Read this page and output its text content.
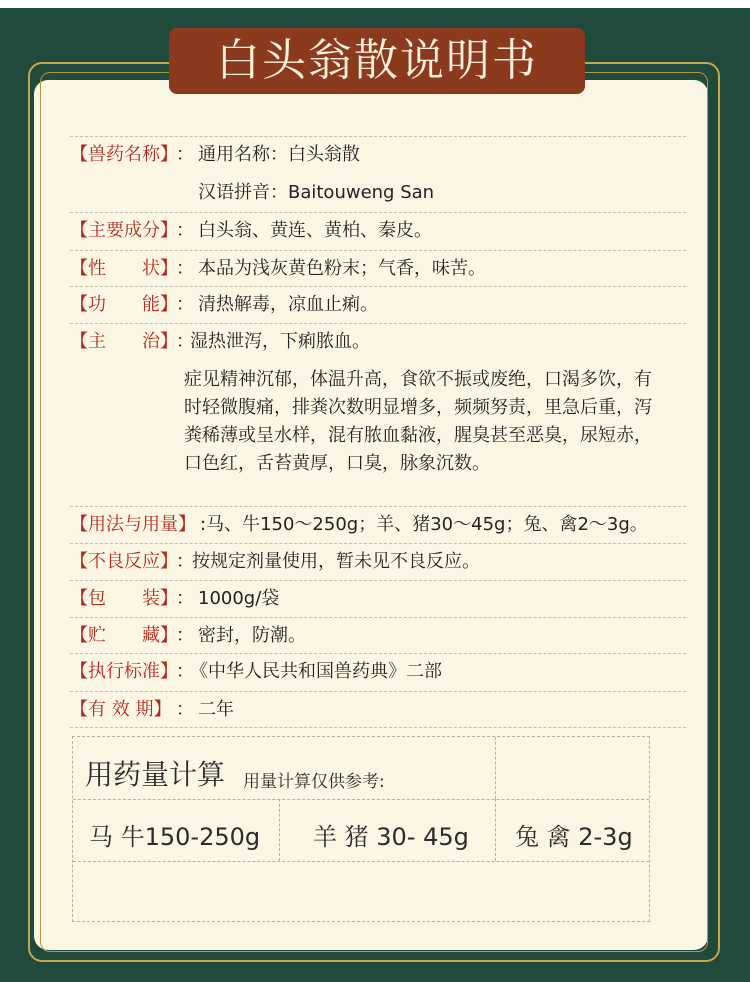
白头翁散说明书
【兽药名称】
： 通用名称：白头翁散
汉语拼音：Baitouweng San
【主要成分】
： 白头翁、黄连、黄柏、秦皮。
【性　　状】
： 本品为浅灰黄色粉末；气香，味苦。
【功　　能】
： 清热解毒，凉血止痢。
【主　　治】
：
湿热泄泻，下痢脓血。
症见精神沉郁，体温升高，食欲不振或废绝，口渴多饮，有
时轻微腹痛，排粪次数明显增多，频频努责，里急后重，泻
粪稀薄或呈水样，混有脓血黏液，腥臭甚至恶臭，尿短赤，
口色红，舌苔黄厚，口臭，脉象沉数。
【用法与用量】 :马、牛150～250g；羊、猪30～45g；兔、禽2～3g。
【不良反应】
：
按规定剂量使用，暂未见不良反应。
【包　　装】
： 1000g/袋
【贮　　藏】
： 密封，防潮。
【执行标准】
：
《中华人民共和国兽药典》二部
【有 效 期】 ： 二年
用药量计算 用量计算仅供参考:
马 牛150-250g 羊 猪 30- 45g 兔 禽 2-3g
